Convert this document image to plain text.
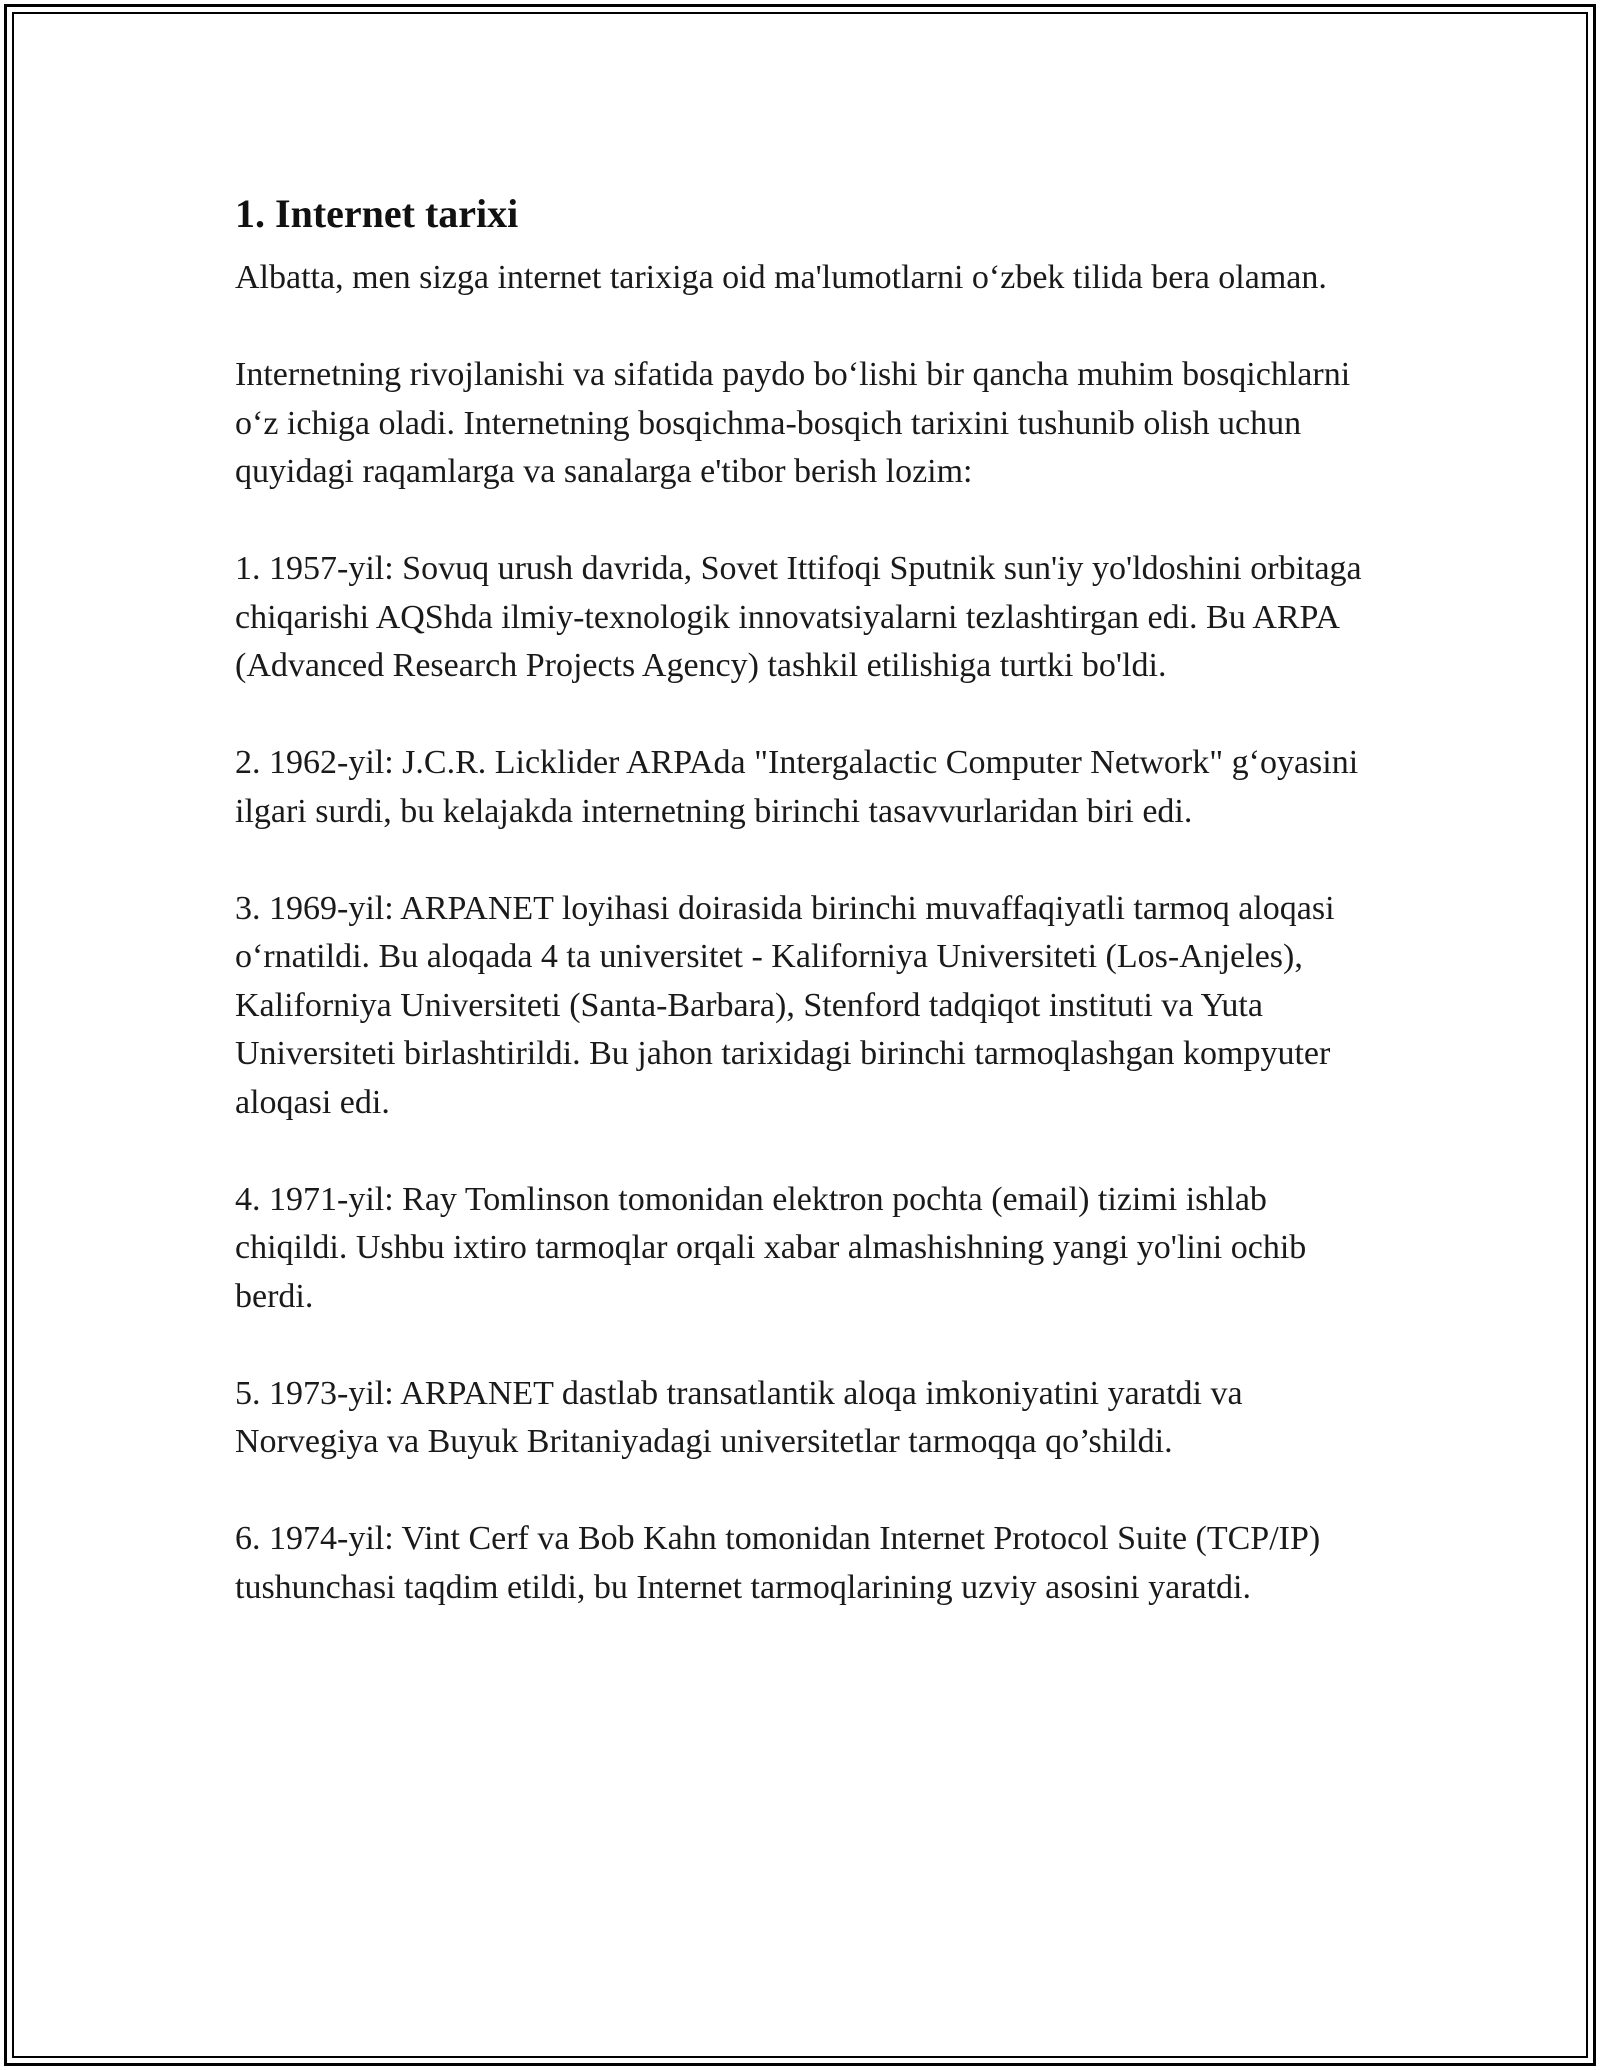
1. Internet tarixi

Albatta, men sizga internet tarixiga oid ma'lumotlarni o‘zbek tilida bera olaman.

Internetning rivojlanishi va sifatida paydo bo‘lishi bir qancha muhim bosqichlarni o‘z ichiga oladi. Internetning bosqichma-bosqich tarixini tushunib olish uchun quyidagi raqamlarga va sanalarga e'tibor berish lozim:

1. 1957-yil: Sovuq urush davrida, Sovet Ittifoqi Sputnik sun'iy yo'ldoshini orbitaga chiqarishi AQShda ilmiy-texnologik innovatsiyalarni tezlashtirgan edi. Bu ARPA (Advanced Research Projects Agency) tashkil etilishiga turtki bo'ldi.

2. 1962-yil: J.C.R. Licklider ARPAda "Intergalactic Computer Network" g‘oyasini ilgari surdi, bu kelajakda internetning birinchi tasavvurlaridan biri edi.

3. 1969-yil: ARPANET loyihasi doirasida birinchi muvaffaqiyatli tarmoq aloqasi o‘rnatildi. Bu aloqada 4 ta universitet - Kaliforniya Universiteti (Los-Anjeles), Kaliforniya Universiteti (Santa-Barbara), Stenford tadqiqot instituti va Yuta Universiteti birlashtirildi. Bu jahon tarixidagi birinchi tarmoqlashgan kompyuter aloqasi edi.

4. 1971-yil: Ray Tomlinson tomonidan elektron pochta (email) tizimi ishlab chiqildi. Ushbu ixtiro tarmoqlar orqali xabar almashishning yangi yo'lini ochib berdi.

5. 1973-yil: ARPANET dastlab transatlantik aloqa imkoniyatini yaratdi va Norvegiya va Buyuk Britaniyadagi universitetlar tarmoqqa qo’shildi.

6. 1974-yil: Vint Cerf va Bob Kahn tomonidan Internet Protocol Suite (TCP/IP) tushunchasi taqdim etildi, bu Internet tarmoqlarining uzviy asosini yaratdi.
